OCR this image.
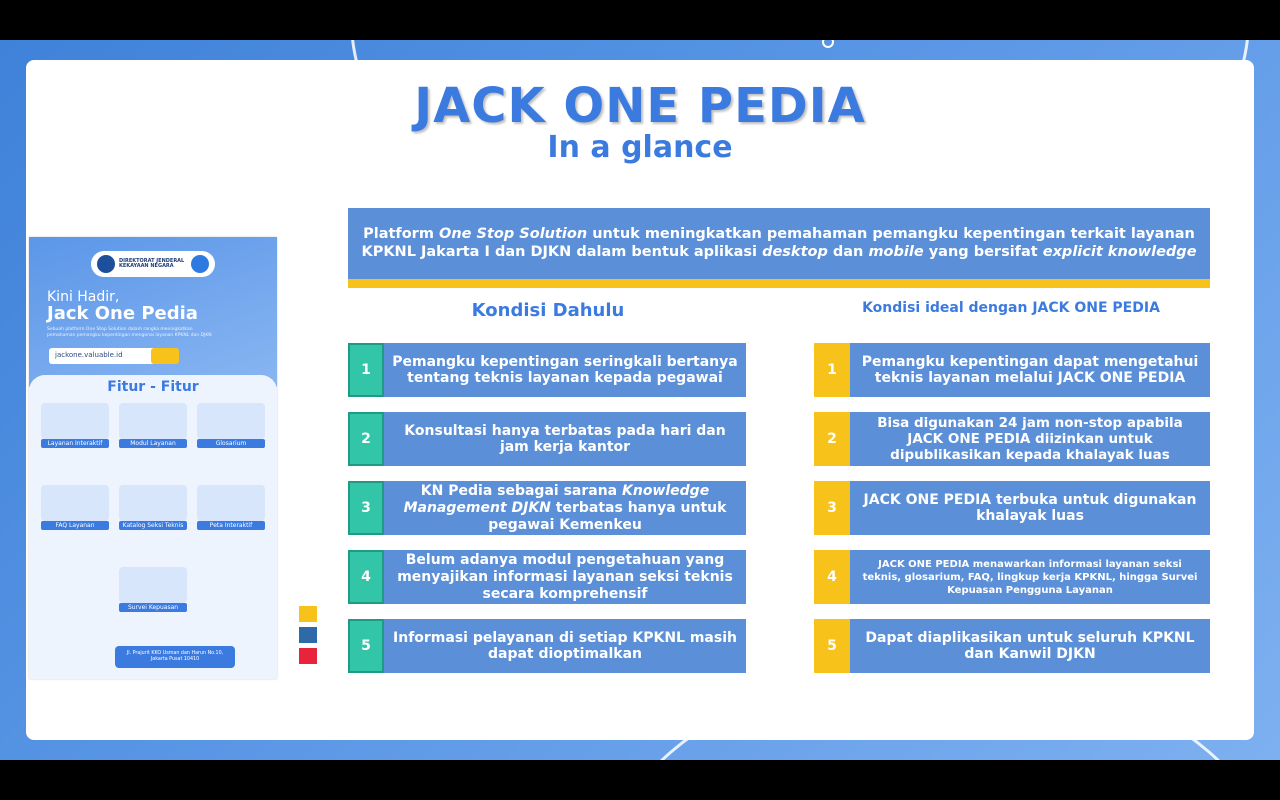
JACK ONE PEDIA
In a glance
DIREKTORAT JENDERAL KEKAYAAN NEGARA
Kini Hadir,
Jack One Pedia
Sebuah platform One Stop Solution dalam rangka meningkatkan pemahaman pemangku kepentingan mengenai layanan KPKNL dan DJKN
jackone.valuable.id
Fitur - Fitur
Layanan Interaktif	Modul Layanan	Glosarium
FAQ Layanan	Katalog Seksi Teknis	Peta Interaktif
Survei Kepuasan
Jl. Prajurit KKO Usman dan Harun No.10,
Jakarta Pusat 10410
Platform One Stop Solution untuk meningkatkan pemahaman pemangku kepentingan terkait layanan
KPKNL Jakarta I dan DJKN dalam bentuk aplikasi desktop dan mobile yang bersifat explicit knowledge
Kondisi Dahulu	Kondisi ideal dengan JACK ONE PEDIA
1	Pemangku kepentingan seringkali bertanya tentang teknis layanan kepada pegawai
2	Konsultasi hanya terbatas pada hari dan jam kerja kantor
3
KN Pedia sebagai sarana Knowledge Management DJKN terbatas hanya untuk pegawai Kemenkeu
4
Belum adanya modul pengetahuan yang menyajikan informasi layanan seksi teknis secara komprehensif
5	Informasi pelayanan di setiap KPKNL masih dapat dioptimalkan
1	Pemangku kepentingan dapat mengetahui teknis layanan melalui JACK ONE PEDIA
2
Bisa digunakan 24 jam non-stop apabila JACK ONE PEDIA diizinkan untuk dipublikasikan kepada khalayak luas
3	JACK ONE PEDIA terbuka untuk digunakan khalayak luas
4
JACK ONE PEDIA menawarkan informasi layanan seksi teknis, glosarium, FAQ, lingkup kerja KPKNL, hingga Survei Kepuasan Pengguna Layanan
5	Dapat diaplikasikan untuk seluruh KPKNL dan Kanwil DJKN
